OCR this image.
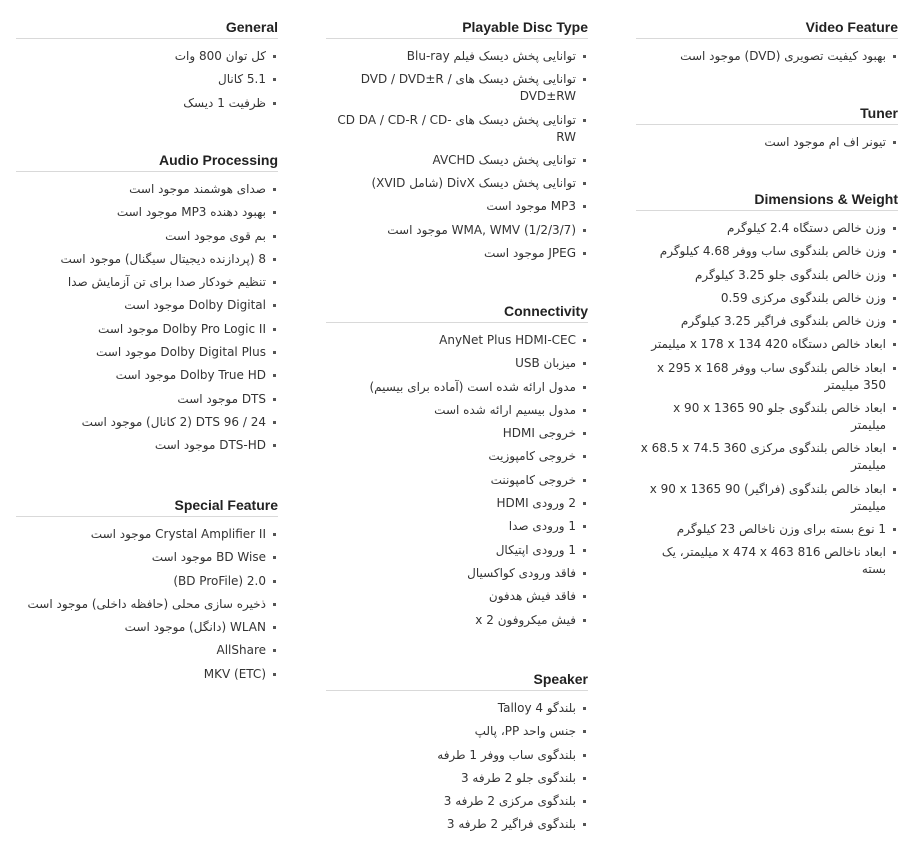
General
کل توان 800 وات
5.1 کانال
ظرفیت 1 دیسک
Audio Processing
صدای هوشمند موجود است
بهبود دهنده MP3 موجود است
بم قوی موجود است
8 (پردازنده دیجیتال سیگنال) موجود است
تنظیم خودکار صدا برای تن آزمایش صدا
Dolby Digital موجود است
Dolby Pro Logic II موجود است
Dolby Digital Plus موجود است
Dolby True HD موجود است
DTS موجود است
DTS 96 / 24 (2 کانال) موجود است
DTS-HD موجود است
Special Feature
Crystal Amplifier II موجود است
BD Wise موجود است
2.0 (BD ProFile)
ذخیره سازی محلی (حافظه داخلی) موجود است
WLAN (دانگل) موجود است
AllShare
(MKV (ETC
Playable Disc Type
توانایی پخش دیسک فیلم Blu-ray
توانایی پخش دیسک های DVD / DVD±R / DVD±RW
توانایی پخش دیسک های CD DA / CD-R / CD-RW
توانایی پخش دیسک AVCHD
توانایی پخش دیسک DivX (شامل XVID)
MP3 موجود است
(WMA, WMV (1/2/3/7 موجود است
JPEG موجود است
Connectivity
AnyNet Plus HDMI-CEC
میزبان USB
مدول ارائه شده است (آماده برای بیسیم)
مدول بیسیم ارائه شده است
خروجی HDMI
خروجی کامپوزیت
خروجی کامپوننت
2 ورودی HDMI
1 ورودی صدا
1 ورودی اپتیکال
فاقد ورودی کواکسیال
فاقد فیش هدفون
فیش میکروفون 2 x
Speaker
بلندگو 4 Talloy
جنس واحد PP، پالپ
بلندگوی ساب ووفر 1 طرفه
بلندگوی جلو 2 طرفه 3
بلندگوی مرکزی 2 طرفه 3
بلندگوی فراگیر 2 طرفه 3
Video Feature
بهبود کیفیت تصویری (DVD) موجود است
Tuner
تیونر اف ام موجود است
Dimensions & Weight
وزن خالص دستگاه 2.4 کیلوگرم
وزن خالص بلندگوی ساب ووفر 4.68 کیلوگرم
وزن خالص بلندگوی جلو 3.25 کیلوگرم
وزن خالص بلندگوی مرکزی 0.59
وزن خالص بلندگوی فراگیر 3.25 کیلوگرم
ابعاد خالص دستگاه 420 x 178 x 134 میلیمتر
ابعاد خالص بلندگوی ساب ووفر 168 x 295 x 350 میلیمتر
ابعاد خالص بلندگوی جلو 90 x 90 x 1365 میلیمتر
ابعاد خالص بلندگوی مرکزی 360 x 68.5 x 74.5 میلیمتر
ابعاد خالص بلندگوی (فراگیر) 90 x 90 x 1365 میلیمتر
1 نوع بسته برای وزن ناخالص 23 کیلوگرم
ابعاد ناخالص 816 x 474 x 463 میلیمتر، یک بسته
